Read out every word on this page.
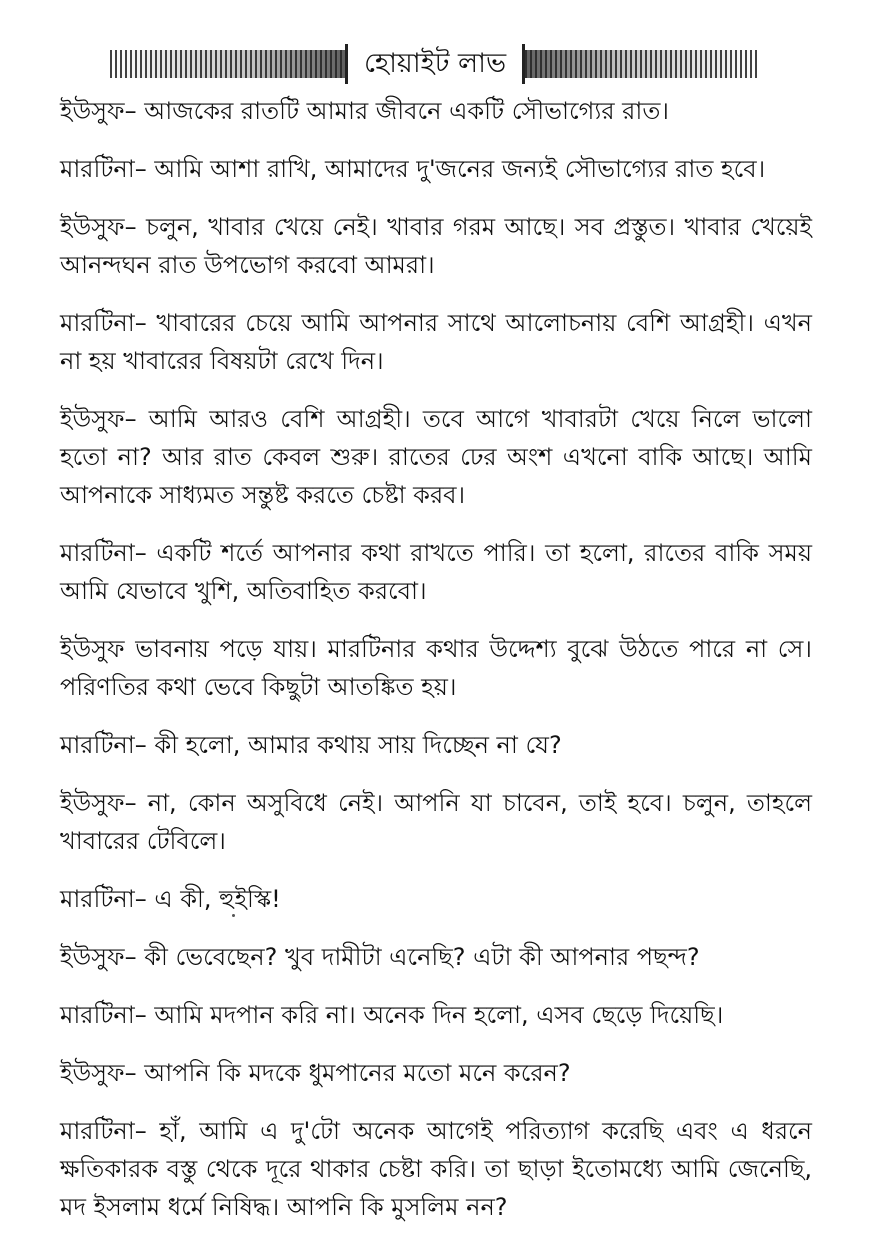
হোয়াইট লাভ

ইউসুফ– আজকের রাতটি আমার জীবনে একটি সৌভাগ্যের রাত।

মারটিনা– আমি আশা রাখি, আমাদের দু'জনের জন্যই সৌভাগ্যের রাত হবে।

ইউসুফ– চলুন, খাবার খেয়ে নেই। খাবার গরম আছে। সব প্রস্তুত। খাবার খেয়েই আনন্দঘন রাত উপভোগ করবো আমরা।

মারটিনা– খাবারের চেয়ে আমি আপনার সাথে আলোচনায় বেশি আগ্রহী। এখন না হয় খাবারের বিষয়টা রেখে দিন।

ইউসুফ– আমি আরও বেশি আগ্রহী। তবে আগে খাবারটা খেয়ে নিলে ভালো হতো না? আর রাত কেবল শুরু। রাতের ঢের অংশ এখনো বাকি আছে। আমি আপনাকে সাধ্যমত সন্তুষ্ট করতে চেষ্টা করব।

মারটিনা– একটি শর্তে আপনার কথা রাখতে পারি। তা হলো, রাতের বাকি সময় আমি যেভাবে খুশি, অতিবাহিত করবো।

ইউসুফ ভাবনায় পড়ে যায়। মারটিনার কথার উদ্দেশ্য বুঝে উঠতে পারে না সে। পরিণতির কথা ভেবে কিছুটা আতঙ্কিত হয়।

মারটিনা– কী হলো, আমার কথায় সায় দিচ্ছেন না যে?

ইউসুফ– না, কোন অসুবিধে নেই। আপনি যা চাবেন, তাই হবে। চলুন, তাহলে খাবারের টেবিলে।

মারটিনা– এ কী, হুইস্কি!

ইউসুফ– কী ভেবেছেন? খুব দামীটা এনেছি? এটা কী আপনার পছন্দ?

মারটিনা– আমি মদপান করি না। অনেক দিন হলো, এসব ছেড়ে দিয়েছি।

ইউসুফ– আপনি কি মদকে ধুমপানের মতো মনে করেন?

মারটিনা– হাঁ, আমি এ দু'টো অনেক আগেই পরিত্যাগ করেছি এবং এ ধরনে ক্ষতিকারক বস্তু থেকে দূরে থাকার চেষ্টা করি। তা ছাড়া ইতোমধ্যে আমি জেনেছি, মদ ইসলাম ধর্মে নিষিদ্ধ। আপনি কি মুসলিম নন?
